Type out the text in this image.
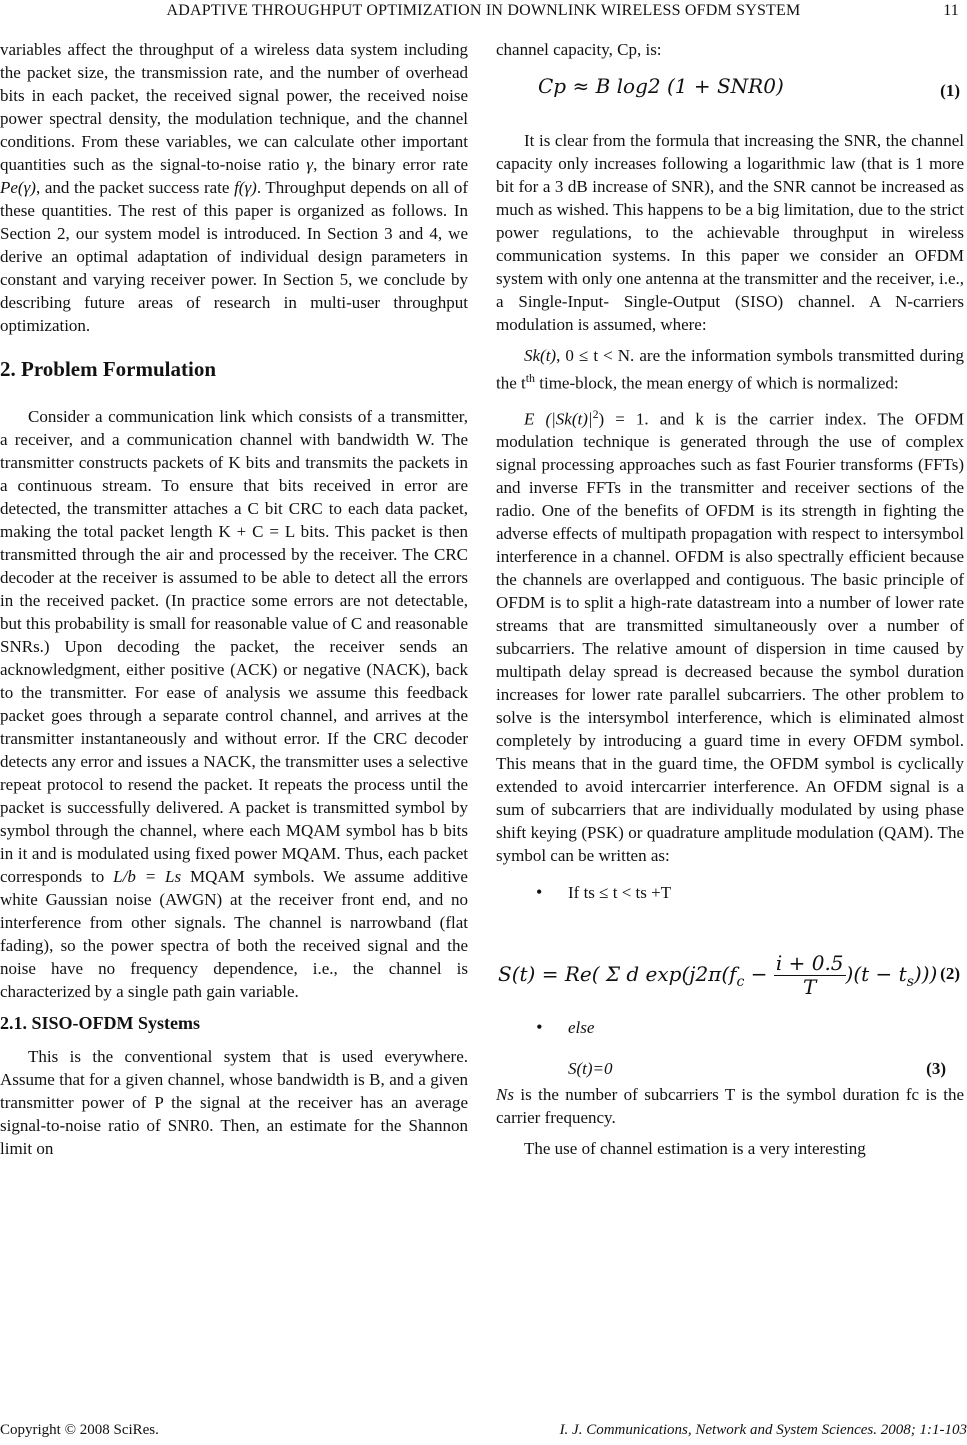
ADAPTIVE THROUGHPUT OPTIMIZATION IN DOWNLINK WIRELESS OFDM SYSTEM	11

variables affect the throughput of a wireless data system including the packet size, the transmission rate, and the number of overhead bits in each packet, the received signal power, the received noise power spectral density, the modulation technique, and the channel conditions. From these variables, we can calculate other important quantities such as the signal-to-noise ratio γ, the binary error rate Pe(γ), and the packet success rate f(γ). Throughput depends on all of these quantities. The rest of this paper is organized as follows. In Section 2, our system model is introduced. In Section 3 and 4, we derive an optimal adaptation of individual design parameters in constant and varying receiver power. In Section 5, we conclude by describing future areas of research in multi-user throughput optimization.

2. Problem Formulation

Consider a communication link which consists of a transmitter, a receiver, and a communication channel with bandwidth W. The transmitter constructs packets of K bits and transmits the packets in a continuous stream. To ensure that bits received in error are detected, the transmitter attaches a C bit CRC to each data packet, making the total packet length K + C = L bits. This packet is then transmitted through the air and processed by the receiver. The CRC decoder at the receiver is assumed to be able to detect all the errors in the received packet. (In practice some errors are not detectable, but this probability is small for reasonable value of C and reasonable SNRs.) Upon decoding the packet, the receiver sends an acknowledgment, either positive (ACK) or negative (NACK), back to the transmitter. For ease of analysis we assume this feedback packet goes through a separate control channel, and arrives at the transmitter instantaneously and without error. If the CRC decoder detects any error and issues a NACK, the transmitter uses a selective repeat protocol to resend the packet. It repeats the process until the packet is successfully delivered. A packet is transmitted symbol by symbol through the channel, where each MQAM symbol has b bits in it and is modulated using fixed power MQAM. Thus, each packet corresponds to L/b = Ls MQAM symbols. We assume additive white Gaussian noise (AWGN) at the receiver front end, and no interference from other signals. The channel is narrowband (flat fading), so the power spectra of both the received signal and the noise have no frequency dependence, i.e., the channel is characterized by a single path gain variable.

2.1. SISO-OFDM Systems

This is the conventional system that is used everywhere. Assume that for a given channel, whose bandwidth is B, and a given transmitter power of P the signal at the receiver has an average signal-to-noise ratio of SNR0. Then, an estimate for the Shannon limit on

channel capacity, Cp, is:

Cp ≈ B log2 (1 + SNR0)	(1)

It is clear from the formula that increasing the SNR, the channel capacity only increases following a logarithmic law (that is 1 more bit for a 3 dB increase of SNR), and the SNR cannot be increased as much as wished. This happens to be a big limitation, due to the strict power regulations, to the achievable throughput in wireless communication systems. In this paper we consider an OFDM system with only one antenna at the transmitter and the receiver, i.e., a Single-Input- Single-Output (SISO) channel. A N-carriers modulation is assumed, where:

Sk(t), 0 ≤ t < N. are the information symbols transmitted during the $t^{th}$ time-block, the mean energy of which is normalized:

E $(|Sk(t)|^2) = 1$. and k is the carrier index. The OFDM modulation technique is generated through the use of complex signal processing approaches such as fast Fourier transforms (FFTs) and inverse FFTs in the transmitter and receiver sections of the radio. One of the benefits of OFDM is its strength in fighting the adverse effects of multipath propagation with respect to intersymbol interference in a channel. OFDM is also spectrally efficient because the channels are overlapped and contiguous. The basic principle of OFDM is to split a high-rate datastream into a number of lower rate streams that are transmitted simultaneously over a number of subcarriers. The relative amount of dispersion in time caused by multipath delay spread is decreased because the symbol duration increases for lower rate parallel subcarriers. The other problem to solve is the intersymbol interference, which is eliminated almost completely by introducing a guard time in every OFDM symbol. This means that in the guard time, the OFDM symbol is cyclically extended to avoid intercarrier interference. An OFDM signal is a sum of subcarriers that are individually modulated by using phase shift keying (PSK) or quadrature amplitude modulation (QAM). The symbol can be written as:

• If ts ≤ t < ts +T
S(t) = Re( Σ d $\exp(j2\pi(f_c - \frac{i + 0.5}{T} )(t - t_s))$) (2)
• else
S(t)=0	(3)

Ns is the number of subcarriers T is the symbol duration fc is the carrier frequency.

The use of channel estimation is a very interesting

Copyright © 2008 SciRes.	I. J. Communications, Network and System Sciences. 2008; 1:1-103
